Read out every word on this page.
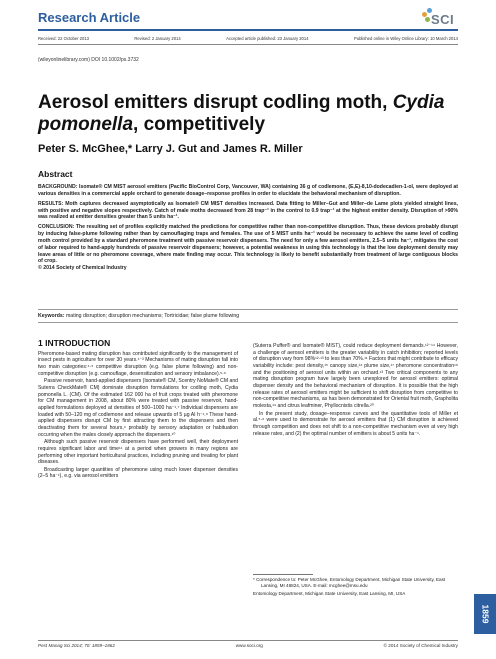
Research Article	SCI
Received: 22 October 2013	Revised: 2 January 2014	Accepted article published: 23 January 2014	Published online in Wiley Online Library: 10 March 2014
(wileyonlinelibrary.com) DOI 10.1002/ps.3732
Aerosol emitters disrupt codling moth, Cydia pomonella, competitively
Peter S. McGhee,* Larry J. Gut and James R. Miller
Abstract

BACKGROUND: Isomate® CM MIST aerosol emitters (Pacific BioControl Corp, Vancouver, WA) containing 36 g of codlemone, (E,E)-8,10-dodecadien-1-ol, were deployed at various densities in a commercial apple orchard to generate dosage–response profiles in order to elucidate the behavioral mechanism of disruption.

RESULTS: Moth captures decreased asymptotically as Isomate® CM MIST densities increased. Data fitting to Miller–Gut and Miller–de Lame plots yielded straight lines, with positive and negative slopes respectively. Catch of male moths decreased from 28 trap⁻¹ in the control to 0.9 trap⁻¹ at the highest emitter density. Disruption of >90% was realized at emitter densities greater than 5 units ha⁻¹.

CONCLUSION: The resulting set of profiles explicitly matched the predictions for competitive rather than non-competitive disruption. Thus, these devices probably disrupt by inducing false-plume following rather than by camouflaging traps and females. The use of 5 MIST units ha⁻¹ would be necessary to achieve the same level of codling moth control provided by a standard pheromone treatment with passive reservoir dispensers. The need for only a few aerosol emitters, 2.5–5 units ha⁻¹, mitigates the cost of labor required to hand-apply hundreds of passive reservoir dispensers; however, a potential weakness in using this technology is that the low deployment density may leave areas of little or no pheromone coverage, where mate finding may occur. This technology is likely to benefit substantially from treatment of large contiguous blocks of crop.
© 2014 Society of Chemical Industry

Keywords: mating disruption; disruption mechanisms; Tortricidae; false plume following
1 INTRODUCTION

Pheromone-based mating disruption has contributed significantly to the management of insect pests in agriculture for over 30 years.¹⁻³ Mechanisms of mating disruption fall into two main categories:⁴·⁵ competitive disruption (e.g. false plume following) and non-competitive disruption (e.g. camouflage, desensitization and sensory imbalance).⁵·⁶

Passive reservoir, hand-applied dispensers (Isomate® CM, Scentry NoMate® CM and Suterra CheckMate® CM) dominate disruption formulations for codling moth, Cydia pomonella L. (CM). Of the estimated 162 000 ha of fruit crops treated with pheromone for CM management in 2008, about 80% were treated with passive reservoir, hand-applied formulations deployed at densities of 500–1000 ha⁻¹.⁷ Individual dispensers are loaded with 50–120 mg of codlemone and release upwards of 5 µg AI h⁻¹.⁸ These hand-applied dispensers disrupt CM by first attracting them to the dispensers and then deactivating them for several hours,⁹ probably by sensory adaptation or habituation occurring when the males closely approach the dispensers.¹⁰

Although such passive reservoir dispensers have performed well, their deployment requires significant labor and time¹¹ at a period when growers in many regions are performing other important horticultural practices, including pruning and treating for plant diseases.

Broadcasting larger quantities of pheromone using much lower dispenser densities (2–5 ha⁻¹), e.g. via aerosol emitters

(Suterra Puffer® and Isomate® MIST), could reduce deployment demands.¹²⁻¹⁴ However, a challenge of aerosol emitters is the greater variability in catch inhibition; reported levels of disruption vary from 98%¹²·¹³ to less than 70%.¹¹ Factors that might contribute to efficacy variability include: pest density,¹⁵ canopy size,¹⁶ plume size,¹⁷ pheromone concentration¹⁸ and the positioning of aerosol units within an orchard.¹³ Two critical components to any mating disruption program have largely been unexplored for aerosol emitters: optimal dispenser density and the behavioral mechanism of disruption. It is possible that the high release rates of aerosol emitters might be sufficient to shift disruption from competitive to non-competitive mechanisms, as has been demonstrated for Oriental fruit moth, Grapholita molesta,¹⁹ and citrus leafminer, Phyllocnistis citrella.²⁰

In the present study, dosage–response curves and the quantitative tools of Miller et al.⁵·⁶ were used to demonstrate for aerosol emitters that (1) CM disruption is achieved through competition and does not shift to a non-competitive mechanism even at very high release rates, and (2) the optimal number of emitters is about 5 units ha⁻¹.

* Correspondence to: Peter McGhee, Entomology Department, Michigan State University, East Lansing, MI 48824, USA. E-mail: mcghee@msu.edu
Entomology Department, Michigan State University, East Lansing, MI, USA
1859
Pest Manag Sci 2014; 70: 1859–1862	www.soci.org	© 2014 Society of Chemical Industry
